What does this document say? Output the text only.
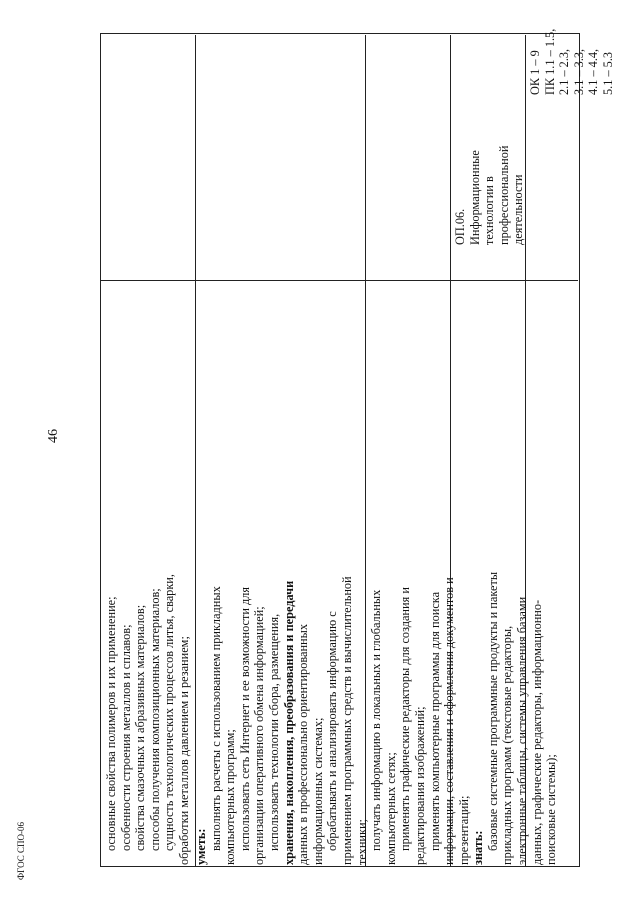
46
ФГОС СПО-06
основные свойства полимеров и их применение; особенности строения металлов и сплавов; свойства смазочных и абразивных материалов; способы получения композиционных материалов; сущность технологических процессов литья, сварки, обработки металлов давлением и резанием; уметь: выполнять расчеты с использованием прикладных компьютерных программ; использовать сеть Интернет и ее возможности для организации оперативного обмена информацией; использовать технологии сбора, размещения, хранения, накопления, преобразования и передачи данных в профессионально ориентированных информационных системах; обрабатывать и анализировать информацию с применением программных средств и вычислительной техники; получать информацию в локальных и глобальных компьютерных сетях; применять графические редакторы для создания и редактирования изображений; применять компьютерные программы для поиска информации, составления и оформления документов и презентаций; знать: базовые системные программные продукты и пакеты прикладных программ (текстовые редакторы, электронные таблицы, системы управления базами данных, графические редакторы, информационно- поисковые системы);
ОП.06. Информационные технологии в профессиональной деятельности
ОК 1 – 9 ПК 1.1 – 1.5, 2.1 – 2.3, 3.1 – 3.3, 4.1 – 4.4, 5.1 – 5.3
